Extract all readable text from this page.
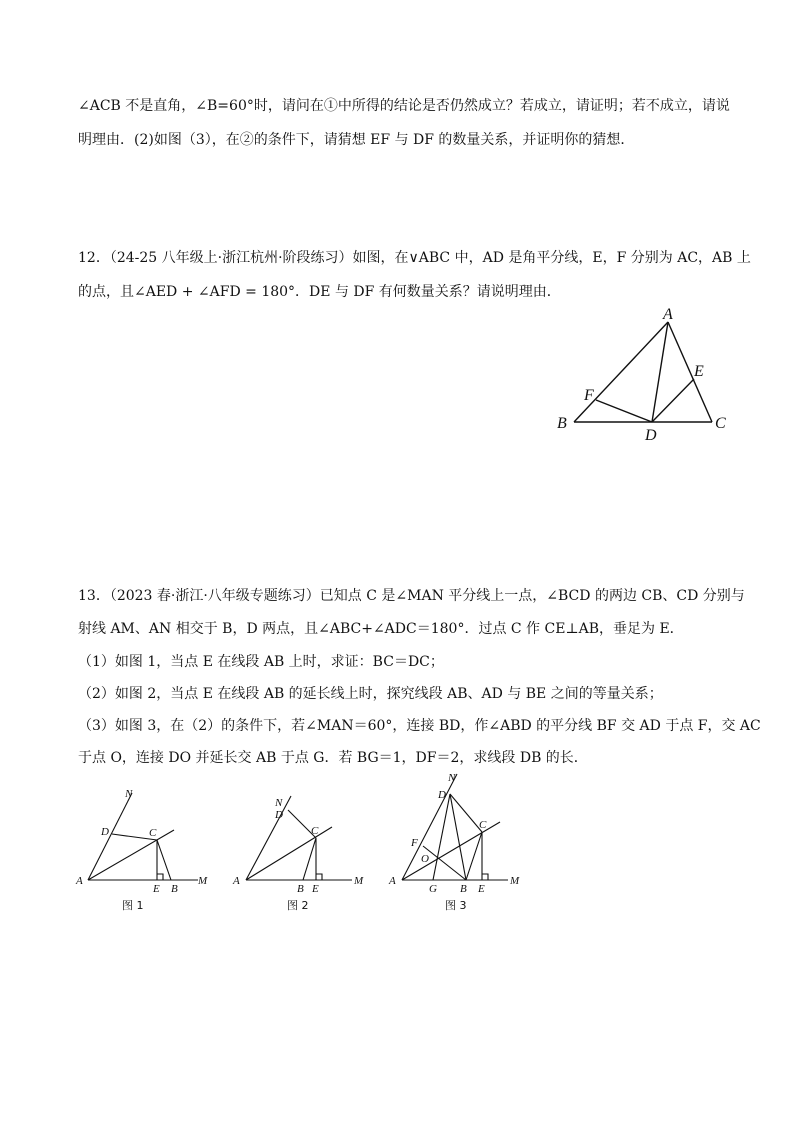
∠ACB 不是直角，∠B=60°时，请问在①中所得的结论是否仍然成立？若成立，请证明；若不成立，请说
明理由．(2)如图（3），在②的条件下，请猜想 EF 与 DF 的数量关系，并证明你的猜想．
12．（24-25 八年级上·浙江杭州·阶段练习）如图，在∨ABC 中，AD 是角平分线，E，F 分别为 AC，AB 上
的点，且∠AED + ∠AFD = 180°．DE 与 DF 有何数量关系？请说明理由．
A
B	C
D
E
F
13．（2023 春·浙江·八年级专题练习）已知点 C 是∠MAN 平分线上一点，∠BCD 的两边 CB、CD 分别与
射线 AM、AN 相交于 B，D 两点，且∠ABC+∠ADC＝180°．过点 C 作 CE⊥AB，垂足为 E．
（1）如图 1，当点 E 在线段 AB 上时，求证：BC＝DC；
（2）如图 2，当点 E 在线段 AB 的延长线上时，探究线段 AB、AD 与 BE 之间的等量关系；
（3）如图 3，在（2）的条件下，若∠MAN＝60°，连接 BD，作∠ABD 的平分线 BF 交 AD 于点 F，交 AC
于点 O，连接 DO 并延长交 AB 于点 G．若 BG＝1，DF＝2，求线段 DB 的长．
N
D	C
A
E B
M
图 1
N
D
C
A
B E
M
图 2
N
D
C
F
O
A
G B E
M
图 3
